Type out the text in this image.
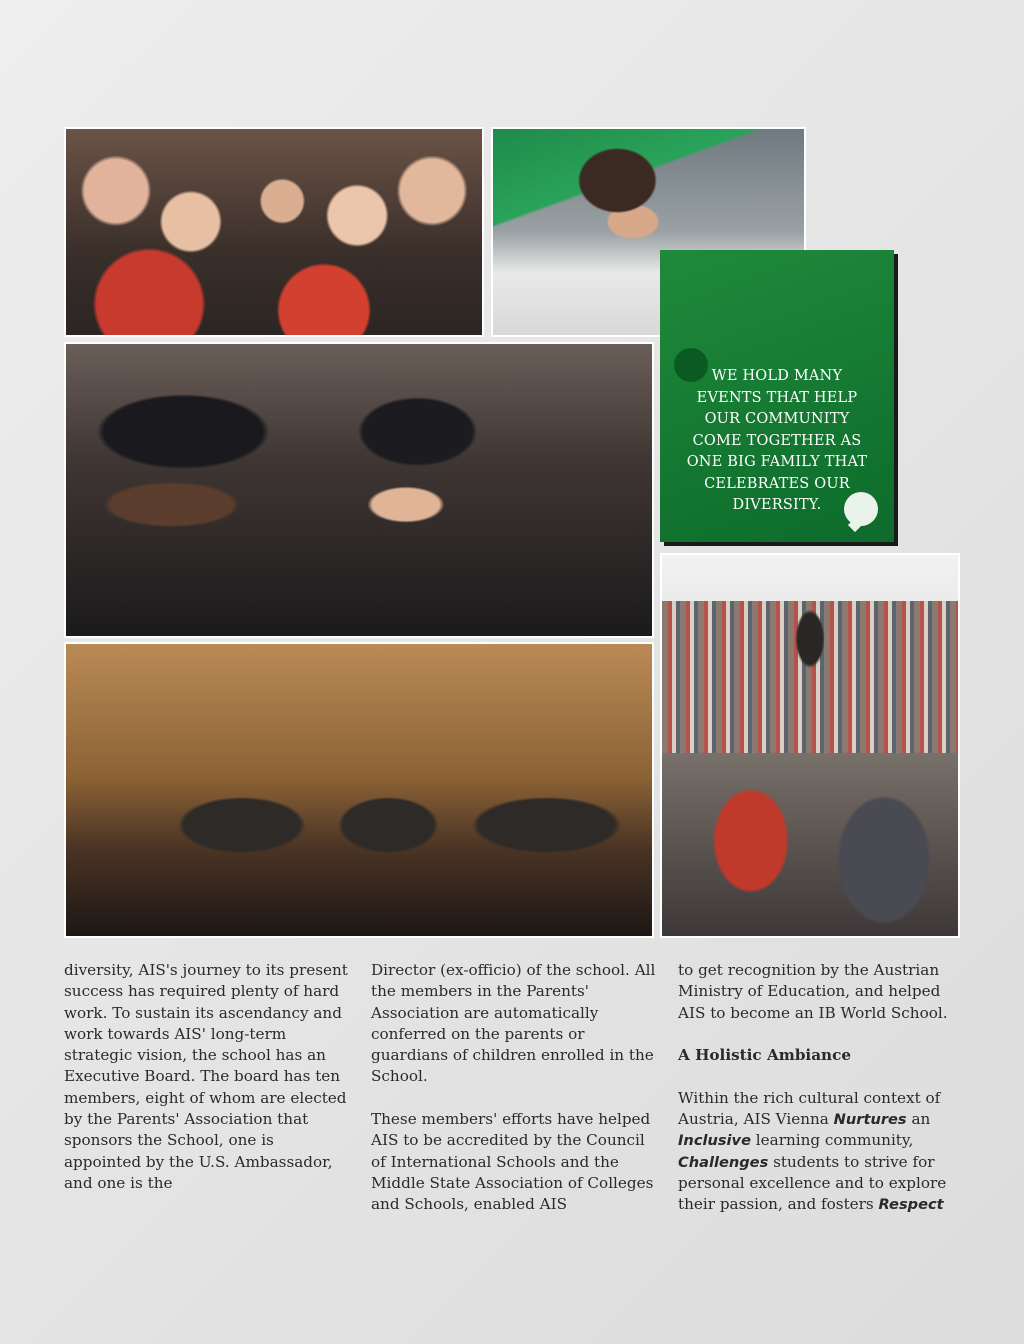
WE HOLD MANY EVENTS THAT HELP OUR COMMUNITY COME TOGETHER AS ONE BIG FAMILY THAT CELEBRATES OUR DIVERSITY.

diversity, AIS's journey to its present success has required plenty of hard work. To sustain its ascendancy and work towards AIS' long-term strategic vision, the school has an Executive Board. The board has ten members, eight of whom are elected by the Parents' Association that sponsors the School, one is appointed by the U.S. Ambassador, and one is the

Director (ex-officio) of the school. All the members in the Parents' Association are automatically conferred on the parents or guardians of children enrolled in the School.

These members' efforts have helped AIS to be accredited by the Council of International Schools and the Middle State Association of Colleges and Schools, enabled AIS

to get recognition by the Austrian Ministry of Education, and helped AIS to become an IB World School.

A Holistic Ambiance

Within the rich cultural context of Austria, AIS Vienna Nurtures an Inclusive learning community, Challenges students to strive for personal excellence and to explore their passion, and fosters Respect
